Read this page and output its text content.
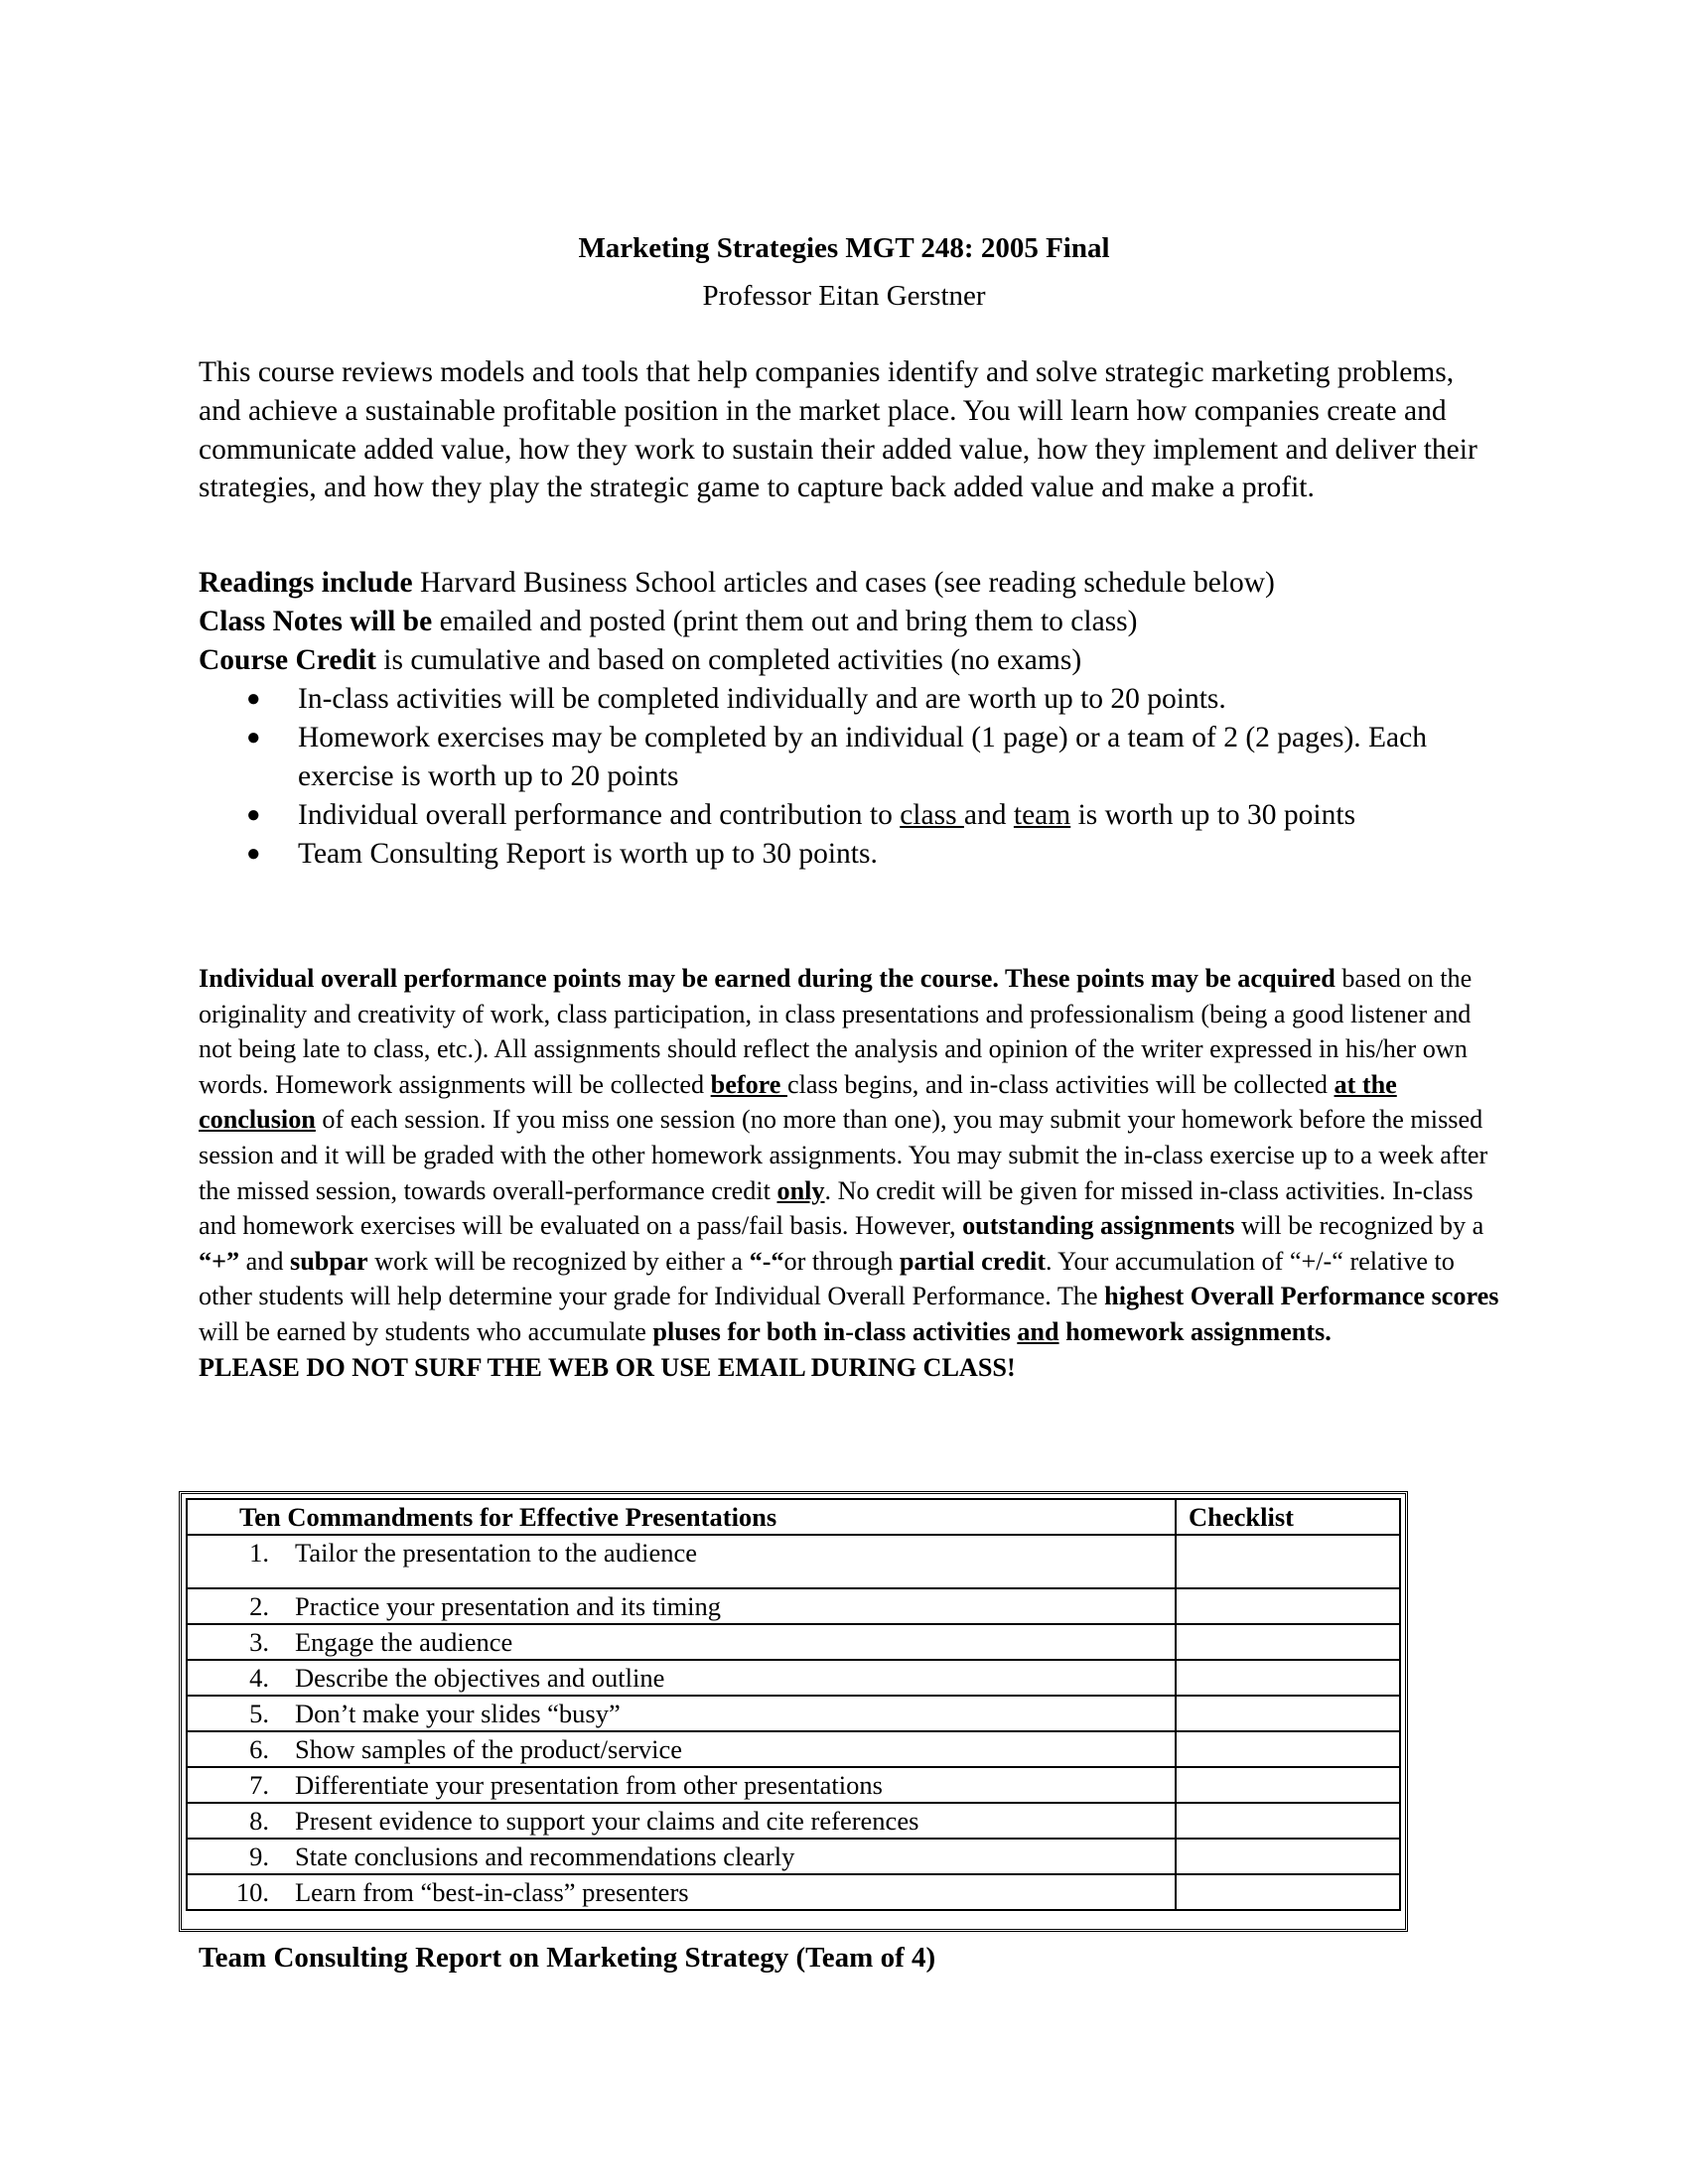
Marketing Strategies MGT 248: 2005 Final
Professor Eitan Gerstner

This course reviews models and tools that help companies identify and solve strategic marketing problems, and achieve a sustainable profitable position in the market place. You will learn how companies create and communicate added value, how they work to sustain their added value, how they implement and deliver their strategies, and how they play the strategic game to capture back added value and make a profit.

Readings include Harvard Business School articles and cases (see reading schedule below)

Class Notes will be emailed and posted (print them out and bring them to class)

Course Credit is cumulative and based on completed activities (no exams)

● In-class activities will be completed individually and are worth up to 20 points.
● Homework exercises may be completed by an individual (1 page) or a team of 2 (2 pages). Each exercise is worth up to 20 points
● Individual overall performance and contribution to class and team is worth up to 30 points
● Team Consulting Report is worth up to 30 points.

Individual overall performance points may be earned during the course. These points may be acquired based on the originality and creativity of work, class participation, in class presentations and professionalism (being a good listener and not being late to class, etc.). All assignments should reflect the analysis and opinion of the writer expressed in his/her own words. Homework assignments will be collected before class begins, and in-class activities will be collected at the conclusion of each session. If you miss one session (no more than one), you may submit your homework before the missed session and it will be graded with the other homework assignments. You may submit the in-class exercise up to a week after the missed session, towards overall-performance credit only. No credit will be given for missed in-class activities. In-class and homework exercises will be evaluated on a pass/fail basis. However, outstanding assignments will be recognized by a “+” and subpar work will be recognized by either a “-“or through partial credit. Your accumulation of “+/-“ relative to other students will help determine your grade for Individual Overall Performance. The highest Overall Performance scores will be earned by students who accumulate pluses for both in-class activities and homework assignments.
PLEASE DO NOT SURF THE WEB OR USE EMAIL DURING CLASS!

Ten Commandments for Effective Presentations		Checklist
1.	Tailor the presentation to the audience	
2.	Practice your presentation and its timing	
3.	Engage the audience	
4.	Describe the objectives and outline	
5.	Don’t make your slides “busy”	
6.	Show samples of the product/service	
7.	Differentiate your presentation from other presentations	
8.	Present evidence to support your claims and cite references	
9.	State conclusions and recommendations clearly	
10.	Learn from “best-in-class” presenters	
Team Consulting Report on Marketing Strategy (Team of 4)
